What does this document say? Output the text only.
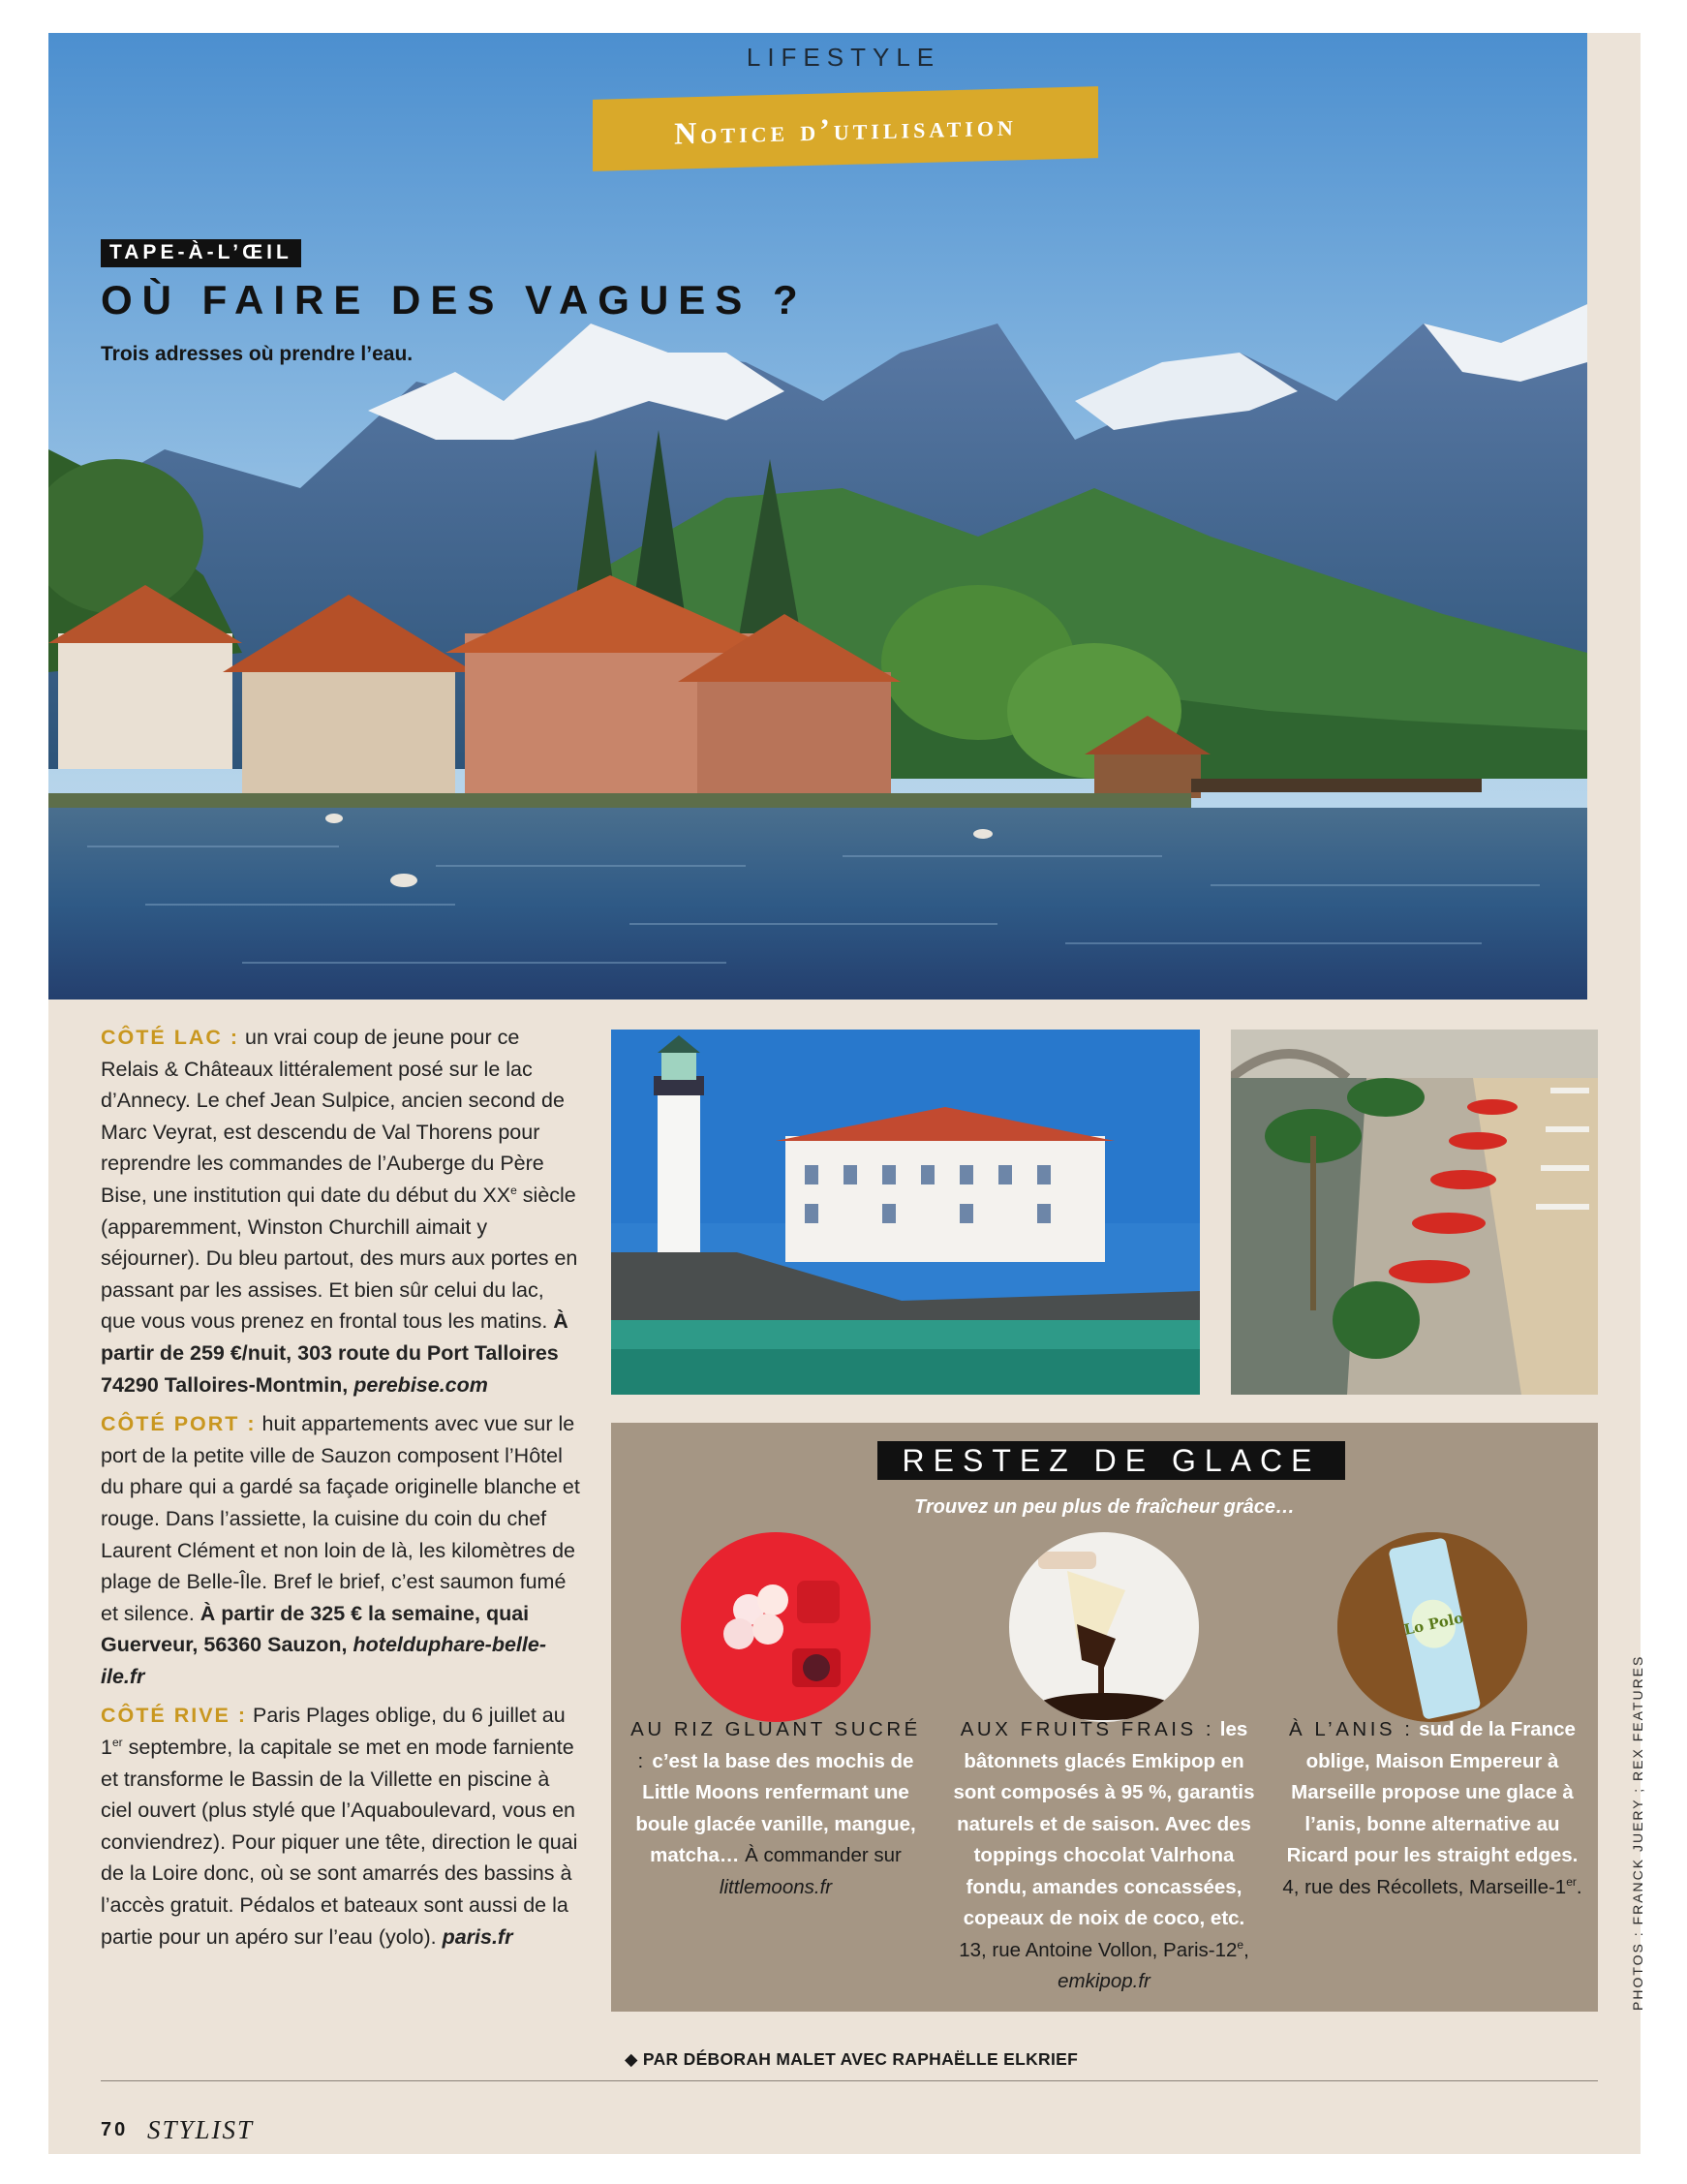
LIFESTYLE
Notice d’utilisation
TAPE-À-L’ŒIL
OÙ FAIRE DES VAGUES ?
Trois adresses où prendre l’eau.

CÔTÉ LAC : un vrai coup de jeune pour ce Relais & Châteaux littéralement posé sur le lac d’Annecy. Le chef Jean Sulpice, ancien second de Marc Veyrat, est descendu de Val Thorens pour reprendre les commandes de l’Auberge du Père Bise, une institution qui date du début du XXe siècle (apparemment, Winston Churchill aimait y séjourner). Du bleu partout, des murs aux portes en passant par les assises. Et bien sûr celui du lac, que vous vous prenez en frontal tous les matins. À partir de 259 €/nuit, 303 route du Port Talloires 74290 Talloires-Montmin, perebise.com

CÔTÉ PORT : huit appartements avec vue sur le port de la petite ville de Sauzon composent l’Hôtel du phare qui a gardé sa façade originelle blanche et rouge. Dans l’assiette, la cuisine du coin du chef Laurent Clément et non loin de là, les kilomètres de plage de Belle-Île. Bref le brief, c’est saumon fumé et silence. À partir de 325 € la semaine, quai Guerveur, 56360 Sauzon, hotelduphare-belle-ile.fr

CÔTÉ RIVE : Paris Plages oblige, du 6 juillet au 1er septembre, la capitale se met en mode farniente et transforme le Bassin de la Villette en piscine à ciel ouvert (plus stylé que l’Aquaboulevard, vous en conviendrez). Pour piquer une tête, direction le quai de la Loire donc, où se sont amarrés des bassins à l’accès gratuit. Pédalos et bateaux sont aussi de la partie pour un apéro sur l’eau (yolo). paris.fr

RESTEZ DE GLACE
Trouvez un peu plus de fraîcheur grâce…
Lo Polo
AU RIZ GLUANT SUCRÉ : c’est la base des mochis de Little Moons renfermant une boule glacée vanille, mangue, matcha… À commander sur littlemoons.fr
AUX FRUITS FRAIS : les bâtonnets glacés Emkipop en sont composés à 95 %, garantis naturels et de saison. Avec des toppings chocolat Valrhona fondu, amandes concassées, copeaux de noix de coco, etc. 13, rue Antoine Vollon, Paris-12e, emkipop.fr
À L’ANIS : sud de la France oblige, Maison Empereur à Marseille propose une glace à l’anis, bonne alternative au Ricard pour les straight edges. 4, rue des Récollets, Marseille-1er.
◆ PAR DÉBORAH MALET AVEC RAPHAËLLE ELKRIEF
70 STYLIST
PHOTOS : FRANCK JUERY ; REX FEATURES
